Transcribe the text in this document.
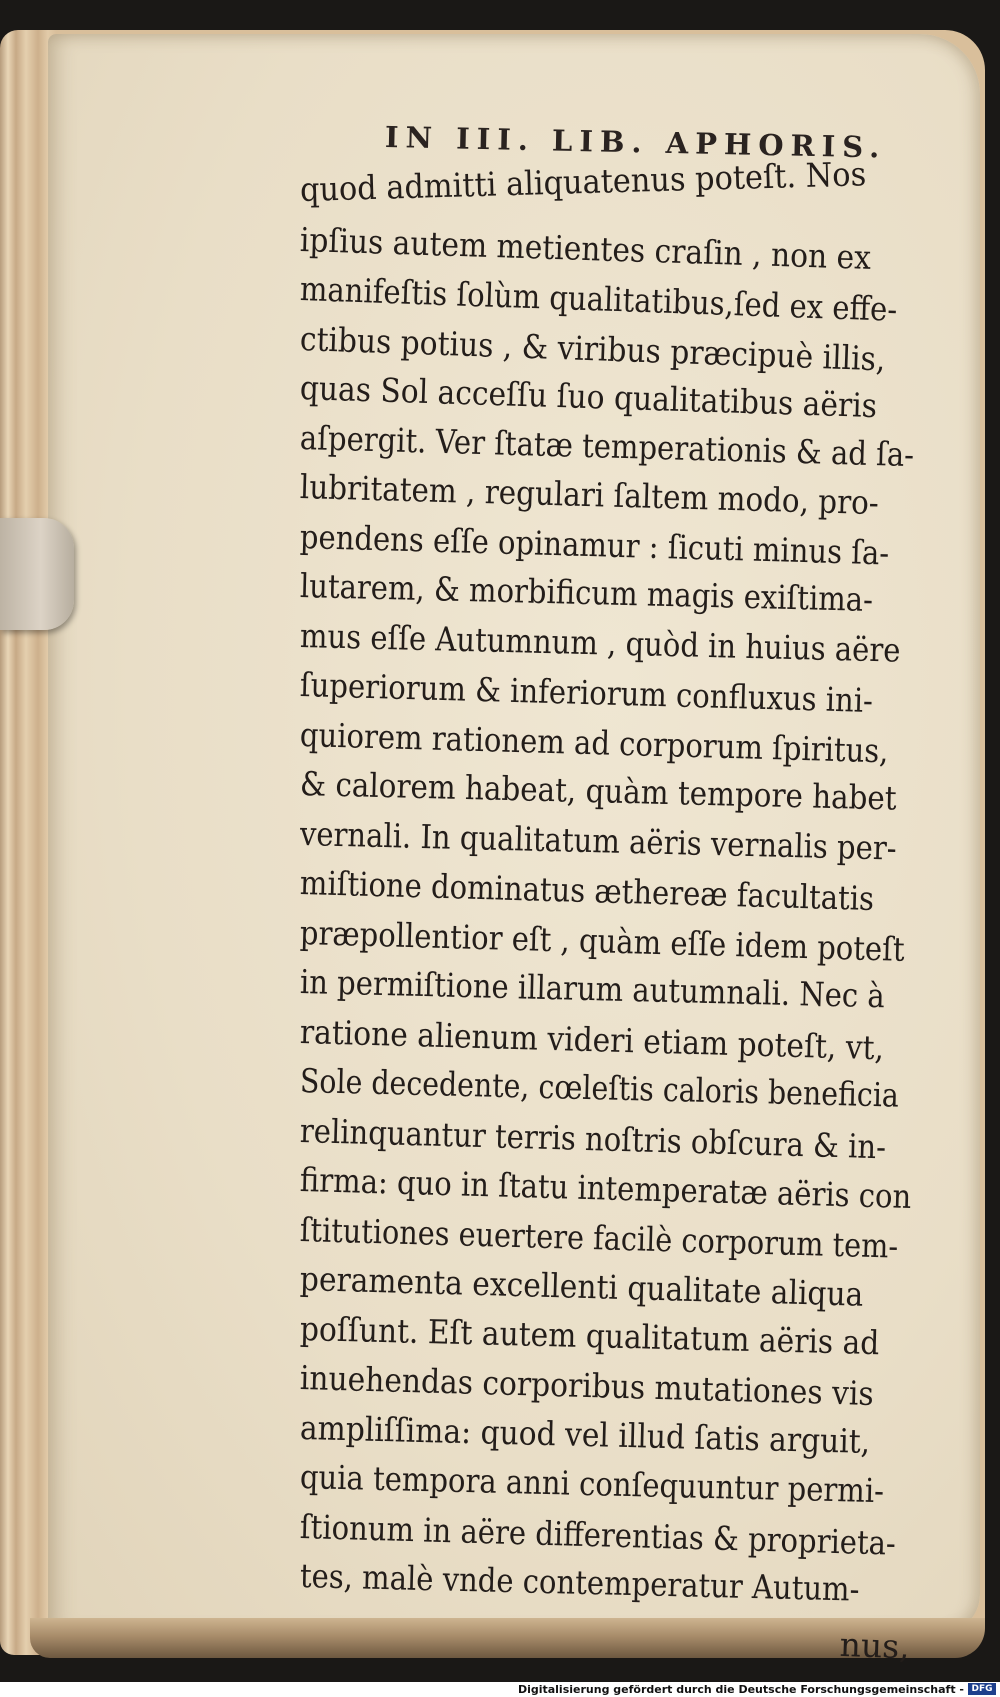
IN III. LIB. APHORIS.
quod admitti aliquatenus poteſt. Nos
ipſius autem metientes craſin , non ex
manifeſtis ſolùm qualitatibus,ſed ex effe-
ctibus potius , & viribus præcipuè illis,
quas Sol acceſſu ſuo qualitatibus aëris
aſpergit. Ver ſtatæ temperationis & ad ſa-
lubritatem , regulari ſaltem modo, pro-
pendens eſſe opinamur : ſicuti minus ſa-
lutarem, & morbificum magis exiſtima-
mus eſſe Autumnum , quòd in huius aëre
ſuperiorum & inferiorum confluxus ini-
quiorem rationem ad corporum ſpiritus,
& calorem habeat, quàm tempore habet
vernali. In qualitatum aëris vernalis per-
miſtione dominatus æthereæ facultatis
præpollentior eſt , quàm eſſe idem poteſt
in permiſtione illarum autumnali. Nec à
ratione alienum videri etiam poteſt, vt,
Sole decedente, cœleſtis caloris beneficia
relinquantur terris noſtris obſcura & in-
firma: quo in ſtatu intemperatæ aëris con
ſtitutiones euertere facilè corporum tem-
peramenta excellenti qualitate aliqua
poſſunt. Eſt autem qualitatum aëris ad
inuehendas corporibus mutationes vis
ampliſſima: quod vel illud ſatis arguit,
quia tempora anni conſequuntur permi-
ſtionum in aëre differentias & proprieta-
tes, malè vnde contemperatur Autum-
nus,
Digitalisierung gefördert durch die Deutsche Forschungsgemeinschaft - DFG
